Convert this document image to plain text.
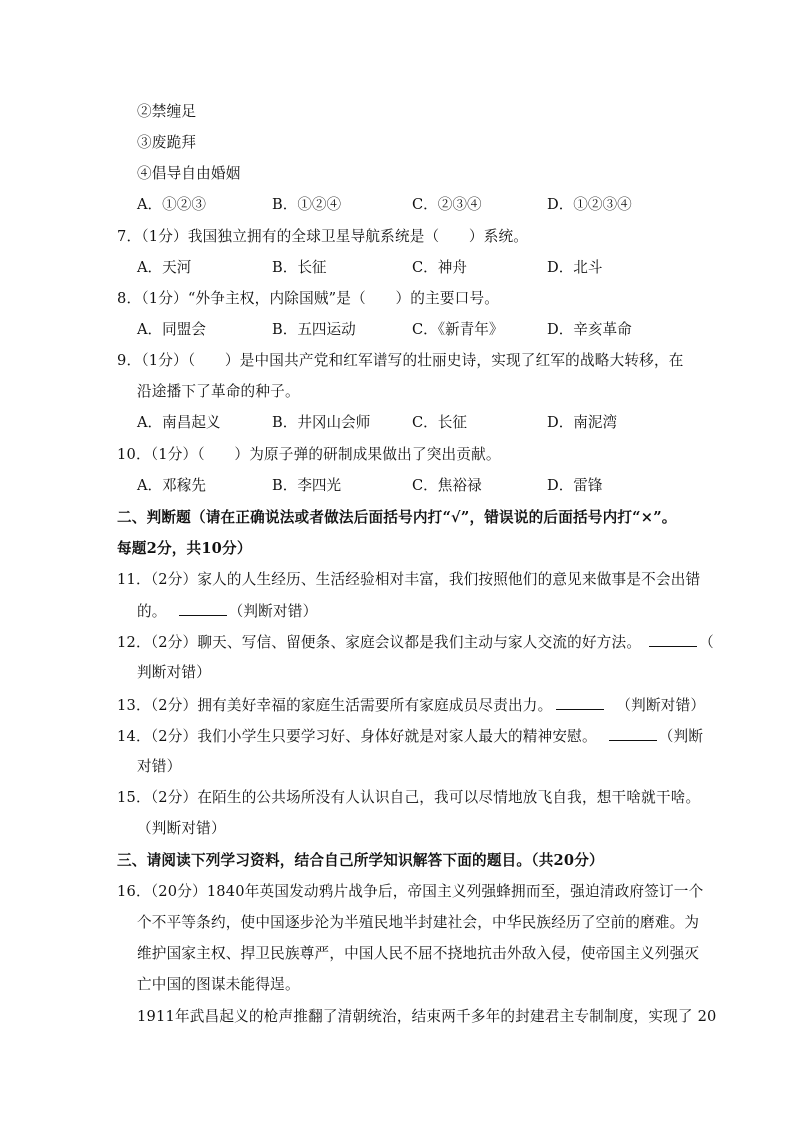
②禁缠足
③废跪拜
④倡导自由婚姻
A．①②③	B．①②④	C．②③④	D．①②③④
7．（1分）我国独立拥有的全球卫星导航系统是（　　）系统。
A．天河	B．长征	C．神舟	D．北斗
8．（1分）“外争主权，内除国贼”是（　　）的主要口号。
A．同盟会	B．五四运动	C．《新青年》	D．辛亥革命
9．（1分）（　　）是中国共产党和红军谱写的壮丽史诗，实现了红军的战略大转移，在
沿途播下了革命的种子。
A．南昌起义	B．井冈山会师	C．长征	D．南泥湾
10．（1分）（　　）为原子弹的研制成果做出了突出贡献。
A．邓稼先	B．李四光	C．焦裕禄	D．雷锋
二、判断题（请在正确说法或者做法后面括号内打“√”，错误说的后面括号内打“×”。
每题2分，共10分）
11．（2分）家人的人生经历、生活经验相对丰富，我们按照他们的意见来做事是不会出错
的。	（判断对错）
12．（2分）聊天、写信、留便条、家庭会议都是我们主动与家人交流的好方法。	（
判断对错）
13．（2分）拥有美好幸福的家庭生活需要所有家庭成员尽责出力。	（判断对错）
14．（2分）我们小学生只要学习好、身体好就是对家人最大的精神安慰。	（判断
对错）
15．（2分）在陌生的公共场所没有人认识自己，我可以尽情地放飞自我，想干啥就干啥。
（判断对错）
三、请阅读下列学习资料，结合自己所学知识解答下面的题目。（共20分）
16．（20分）1840年英国发动鸦片战争后，帝国主义列强蜂拥而至，强迫清政府签订一个
个不平等条约，使中国逐步沦为半殖民地半封建社会，中华民族经历了空前的磨难。为
维护国家主权、捍卫民族尊严，中国人民不屈不挠地抗击外敌入侵，使帝国主义列强灭
亡中国的图谋未能得逞。
1911年武昌起义的枪声推翻了清朝统治，结束两千多年的封建君主专制制度，实现了 20
